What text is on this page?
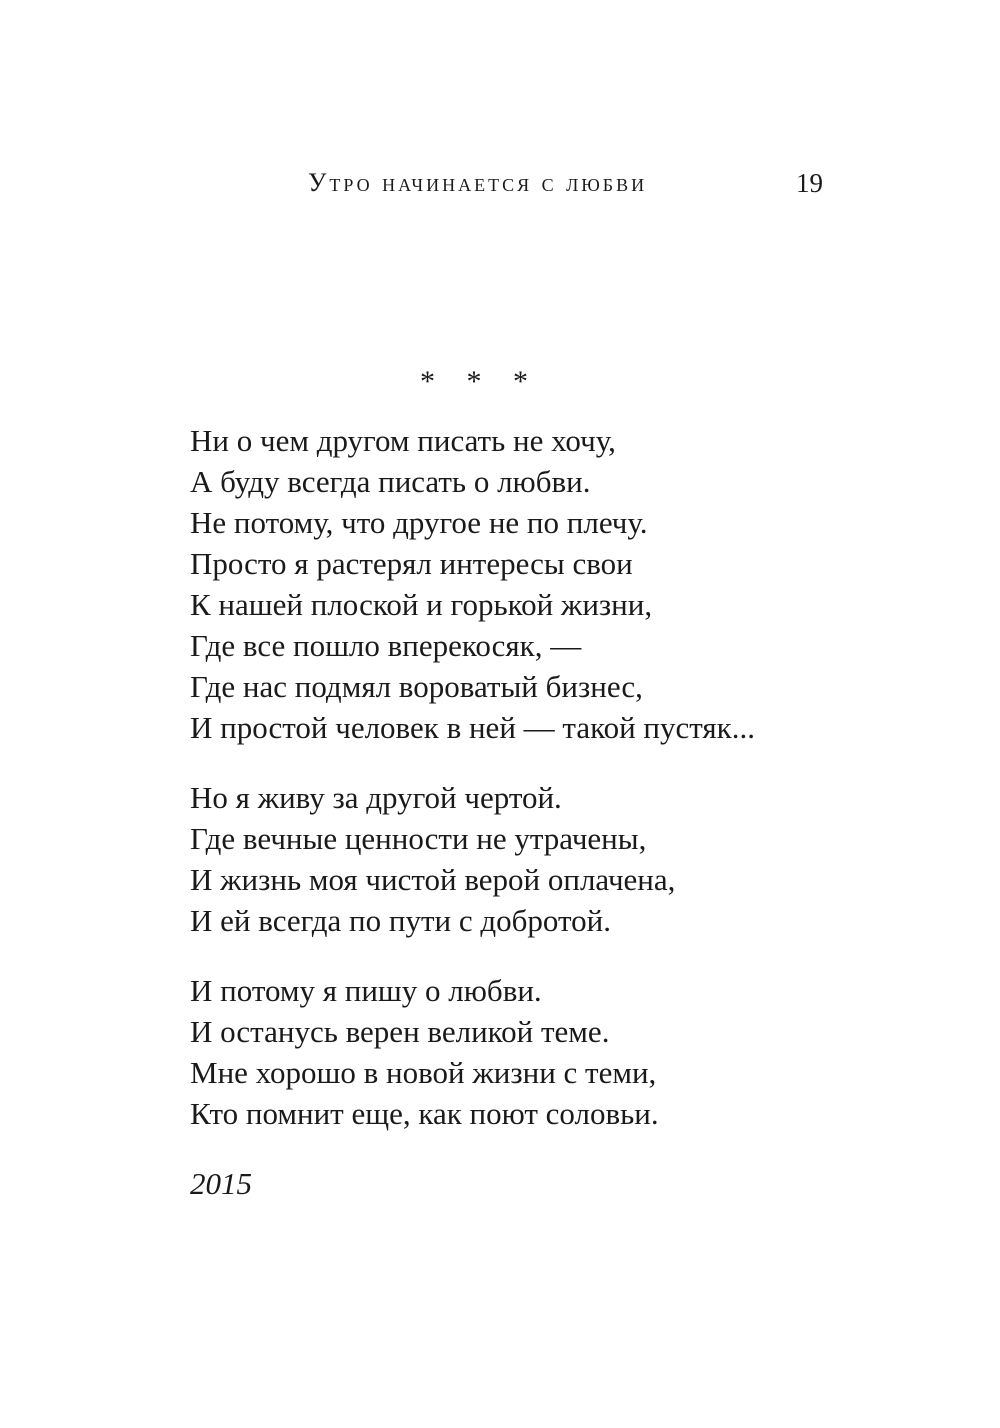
Утро начинается с любви	19
* * *
Ни о чем другом писать не хочу,
А буду всегда писать о любви.
Не потому, что другое не по плечу.
Просто я растерял интересы свои
К нашей плоской и горькой жизни,
Где все пошло вперекосяк, —
Где нас подмял вороватый бизнес,
И простой человек в ней — такой пустяк...
Но я живу за другой чертой.
Где вечные ценности не утрачены,
И жизнь моя чистой верой оплачена,
И ей всегда по пути с добротой.
И потому я пишу о любви.
И останусь верен великой теме.
Мне хорошо в новой жизни с теми,
Кто помнит еще, как поют соловьи.
2015
